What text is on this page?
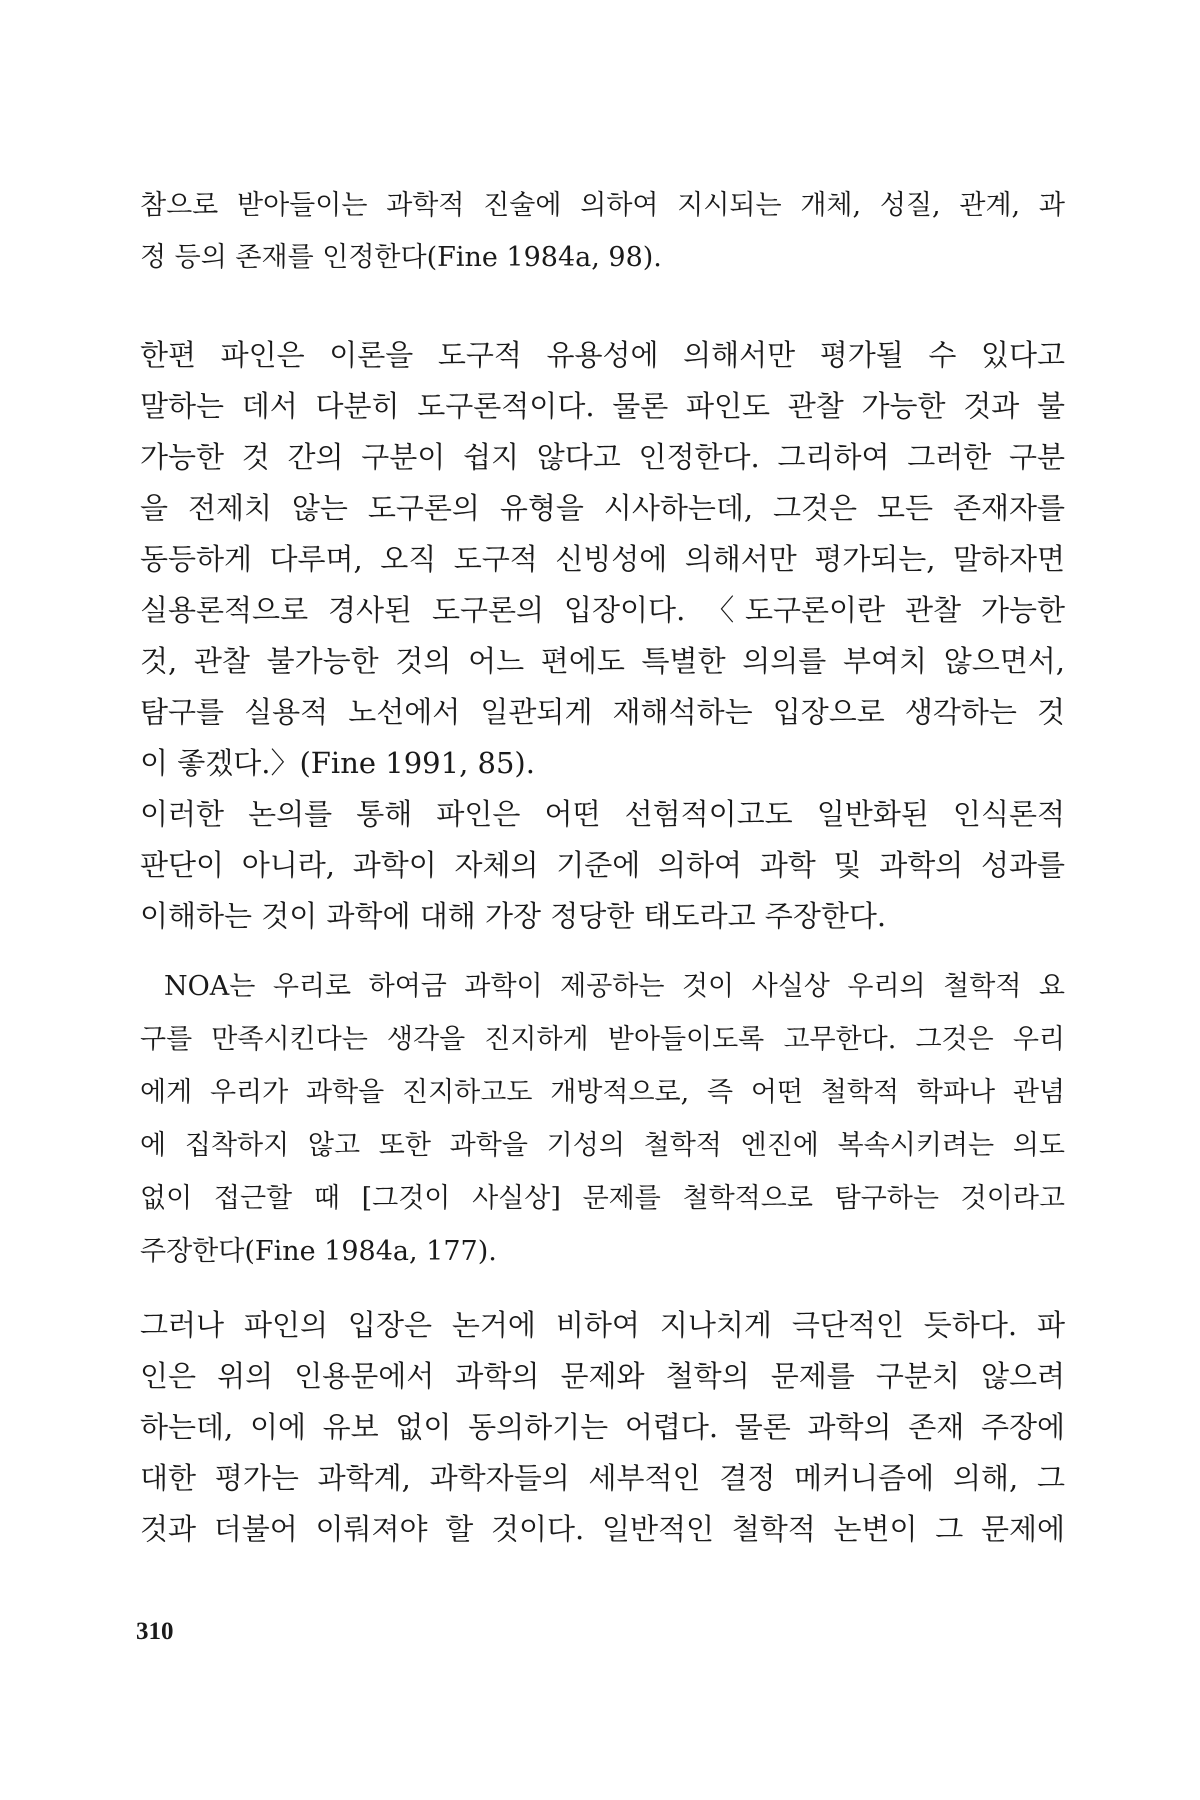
참으로 받아들이는 과학적 진술에 의하여 지시되는 개체, 성질, 관계, 과
정 등의 존재를 인정한다(Fine 1984a, 98).
한편 파인은 이론을 도구적 유용성에 의해서만 평가될 수 있다고
말하는 데서 다분히 도구론적이다. 물론 파인도 관찰 가능한 것과 불
가능한 것 간의 구분이 쉽지 않다고 인정한다. 그리하여 그러한 구분
을 전제치 않는 도구론의 유형을 시사하는데, 그것은 모든 존재자를
동등하게 다루며, 오직 도구적 신빙성에 의해서만 평가되는, 말하자면
실용론적으로 경사된 도구론의 입장이다. 〈도구론이란 관찰 가능한
것, 관찰 불가능한 것의 어느 편에도 특별한 의의를 부여치 않으면서,
탐구를 실용적 노선에서 일관되게 재해석하는 입장으로 생각하는 것
이 좋겠다.〉(Fine 1991, 85).
이러한 논의를 통해 파인은 어떤 선험적이고도 일반화된 인식론적
판단이 아니라, 과학이 자체의 기준에 의하여 과학 및 과학의 성과를
이해하는 것이 과학에 대해 가장 정당한 태도라고 주장한다.
NOA는 우리로 하여금 과학이 제공하는 것이 사실상 우리의 철학적 요
구를 만족시킨다는 생각을 진지하게 받아들이도록 고무한다. 그것은 우리
에게 우리가 과학을 진지하고도 개방적으로, 즉 어떤 철학적 학파나 관념
에 집착하지 않고 또한 과학을 기성의 철학적 엔진에 복속시키려는 의도
없이 접근할 때 [그것이 사실상] 문제를 철학적으로 탐구하는 것이라고
주장한다(Fine 1984a, 177).
그러나 파인의 입장은 논거에 비하여 지나치게 극단적인 듯하다. 파
인은 위의 인용문에서 과학의 문제와 철학의 문제를 구분치 않으려
하는데, 이에 유보 없이 동의하기는 어렵다. 물론 과학의 존재 주장에
대한 평가는 과학계, 과학자들의 세부적인 결정 메커니즘에 의해, 그
것과 더불어 이뤄져야 할 것이다. 일반적인 철학적 논변이 그 문제에
310
